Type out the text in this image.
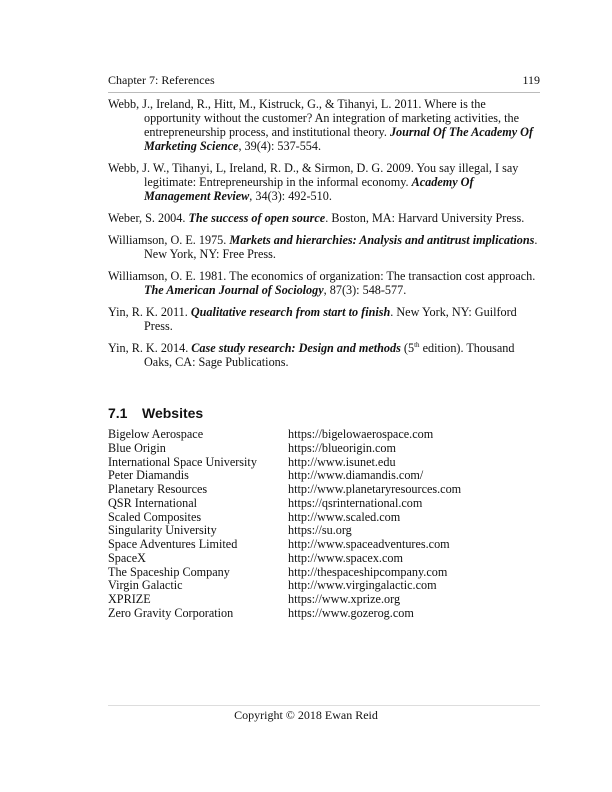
Chapter 7: References	119

Webb, J., Ireland, R., Hitt, M., Kistruck, G., & Tihanyi, L. 2011. Where is the opportunity without the customer? An integration of marketing activities, the entrepreneurship process, and institutional theory. Journal Of The Academy Of Marketing Science, 39(4): 537-554.

Webb, J. W., Tihanyi, L, Ireland, R. D., & Sirmon, D. G. 2009. You say illegal, I say legitimate: Entrepreneurship in the informal economy. Academy Of Management Review, 34(3): 492-510.

Weber, S. 2004. The success of open source. Boston, MA: Harvard University Press.

Williamson, O. E. 1975. Markets and hierarchies: Analysis and antitrust implications. New York, NY: Free Press.

Williamson, O. E. 1981. The economics of organization: The transaction cost approach. The American Journal of Sociology, 87(3): 548-577.

Yin, R. K. 2011. Qualitative research from start to finish. New York, NY: Guilford Press.

Yin, R. K. 2014. Case study research: Design and methods (5th edition). Thousand Oaks, CA: Sage Publications.

7.1 Websites
Bigelow Aerospace	https://bigelowaerospace.com
Blue Origin	https://blueorigin.com
International Space University	http://www.isunet.edu
Peter Diamandis	http://www.diamandis.com/
Planetary Resources	http://www.planetaryresources.com
QSR International	https://qsrinternational.com
Scaled Composites	http://www.scaled.com
Singularity University	https://su.org
Space Adventures Limited	http://www.spaceadventures.com
SpaceX	http://www.spacex.com
The Spaceship Company	http://thespaceshipcompany.com
Virgin Galactic	http://www.virgingalactic.com
XPRIZE	https://www.xprize.org
Zero Gravity Corporation	https://www.gozerog.com
Copyright © 2018 Ewan Reid
